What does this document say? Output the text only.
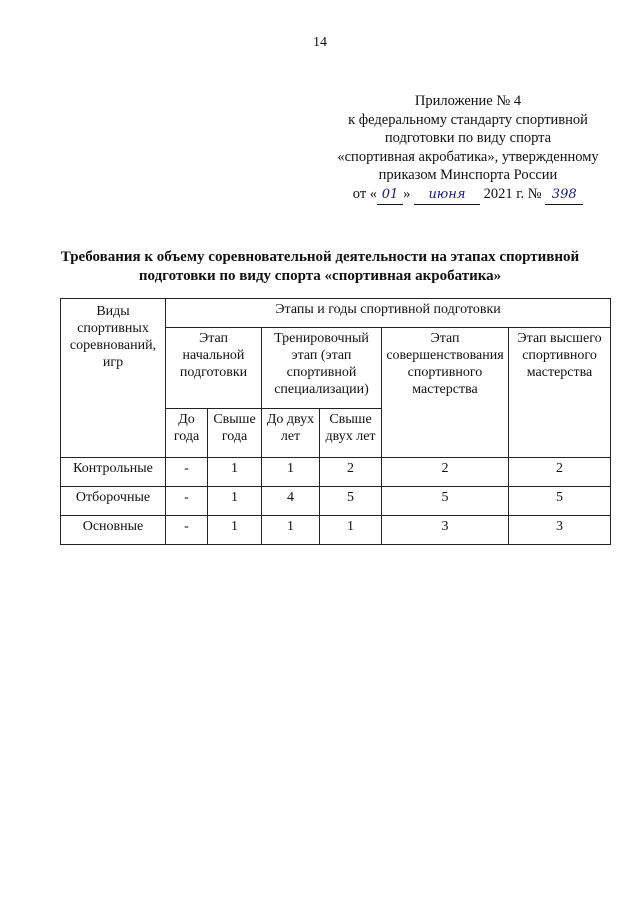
14
Приложение № 4
к федеральному стандарту спортивной
подготовки по виду спорта
«спортивная акробатика», утвержденному
приказом Минспорта России
от « 01 » июня 2021 г. № 398
Требования к объему соревновательной деятельности на этапах спортивной
подготовки по виду спорта «спортивная акробатика»
Виды спортивных соревнований, игр	Этапы и годы спортивной подготовки					
	Этап начальной подготовки		Тренировочный этап (этап спортивной специализации)		Этап совершенствования спортивного мастерства	Этап высшего спортивного мастерства
	До года	Свыше года	До двух лет	Свыше двух лет		
Контрольные	-	1	1	2	2	2
Отборочные	-	1	4	5	5	5
Основные	-	1	1	1	3	3
